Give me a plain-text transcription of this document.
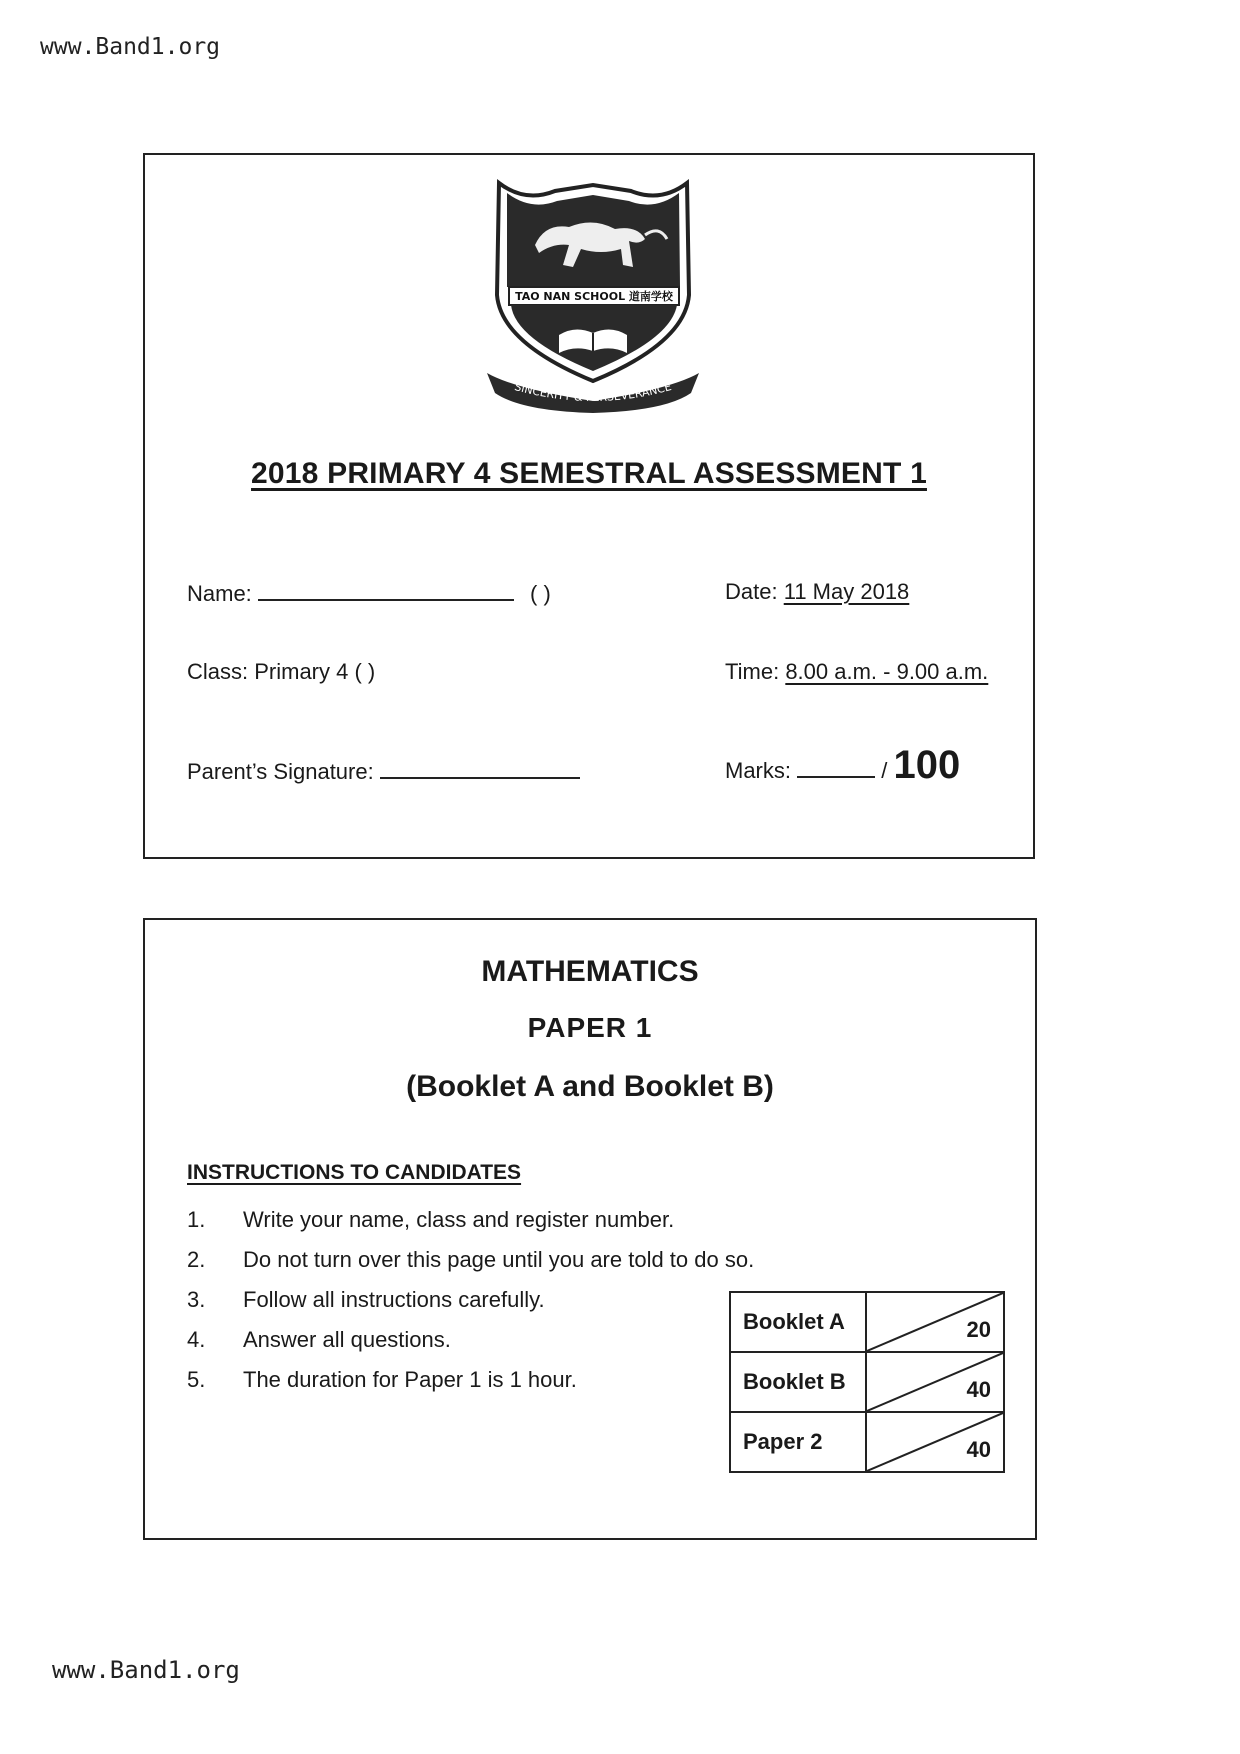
www.Band1.org
TAO NAN SCHOOL 道南学校
SINCERITY & PERSEVERANCE
2018 PRIMARY 4 SEMESTRAL ASSESSMENT 1
Name:	( )	Date: 11 May 2018
Class: Primary 4 ( )	Time: 8.00 a.m. - 9.00 a.m.
Parent’s Signature:	Marks:	/ 100
MATHEMATICS
PAPER 1
(Booklet A and Booklet B)
INSTRUCTIONS TO CANDIDATES
1. Write your name, class and register number.
2. Do not turn over this page until you are told to do so.
3. Follow all instructions carefully.
4. Answer all questions.
5. The duration for Paper 1 is 1 hour.
Booklet A	20

Booklet B	40

Paper 2	40
www.Band1.org
